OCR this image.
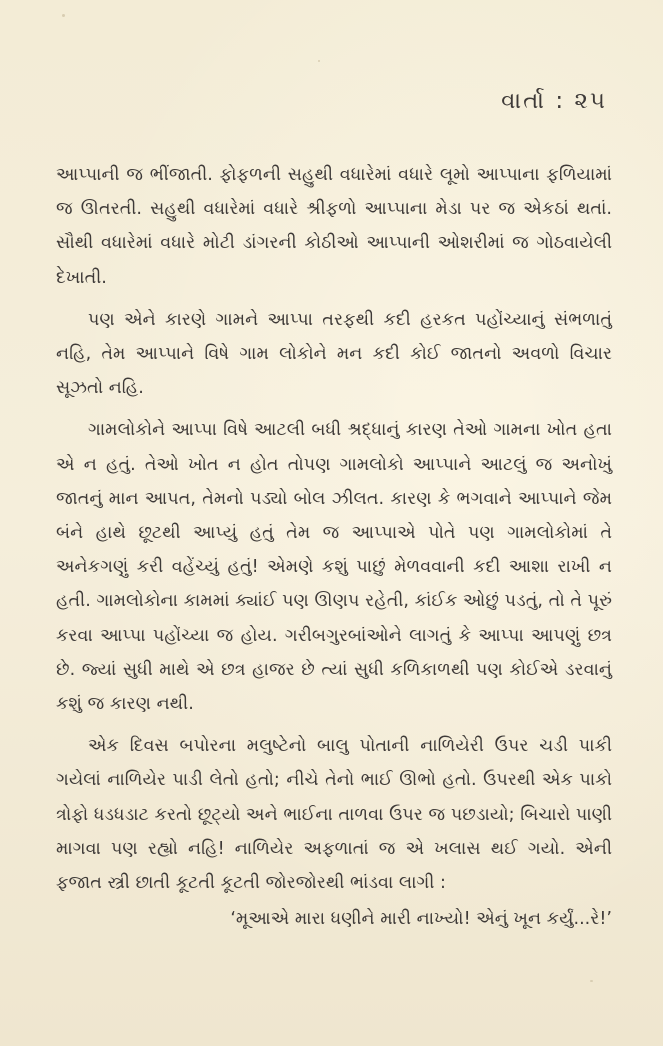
વાર્તા : ૨૫

આપ્પાની જ ભીંજાતી. ફોફળની સહુથી વધારેમાં વધારે લૂમો આપ્પાના ફળિયામાં જ ઊતરતી. સહુથી વધારેમાં વધારે શ્રીફળો આપ્પાના મેડા પર જ એકઠાં થતાં. સૌથી વધારેમાં વધારે મોટી ડાંગરની કોઠીઓ આપ્પાની ઓશરીમાં જ ગોઠવાયેલી દેખાતી.

પણ એને કારણે ગામને આપ્પા તરફથી કદી હરકત પહોંચ્યાનું સંભળાતું નહિ, તેમ આપ્પાને વિષે ગામ લોકોને મન કદી કોઈ જાતનો અવળો વિચાર સૂઝતો નહિ.

ગામલોકોને આપ્પા વિષે આટલી બધી શ્રદ્ધાનું કારણ તેઓ ગામના ખોત હતા એ ન હતું. તેઓ ખોત ન હોત તોપણ ગામલોકો આપ્પાને આટલું જ અનોખું જાતનું માન આપત, તેમનો પડ્યો બોલ ઝીલત. કારણ કે ભગવાને આપ્પાને જેમ બંને હાથે છૂટથી આપ્યું હતું તેમ જ આપ્પાએ પોતે પણ ગામલોકોમાં તે અનેકગણું કરી વહેંચ્યું હતું! એમણે કશું પાછું મેળવવાની કદી આશા રાખી ન હતી. ગામલોકોના કામમાં ક્યાંઈ પણ ઊણપ રહેતી, કાંઈક ઓછું પડતું, તો તે પૂરું કરવા આપ્પા પહોંચ્યા જ હોય. ગરીબગુરબાંઓને લાગતું કે આપ્પા આપણું છત્ર છે. જ્યાં સુધી માથે એ છત્ર હાજર છે ત્યાં સુધી કળિકાળથી પણ કોઈએ ડરવાનું કશું જ કારણ નથી.

એક દિવસ બપોરના મલુષ્ટેનો બાલુ પોતાની નાળિયેરી ઉપર ચડી પાકી ગયેલાં નાળિયેર પાડી લેતો હતો; નીચે તેનો ભાઈ ઊભો હતો. ઉપરથી એક પાકો ત્રોફો ધડધડાટ કરતો છૂટ્યો અને ભાઈના તાળવા ઉપર જ પછડાયો; બિચારો પાણી માગવા પણ રહ્યો નહિ! નાળિયેર અફળાતાં જ એ ખલાસ થઈ ગયો. એની ફજાત સ્ત્રી છાતી કૂટતી કૂટતી જોરજોરથી ભાંડવા લાગી :

‘મૂઆએ મારા ધણીને મારી નાખ્યો! એનું ખૂન કર્યું...રે!’
